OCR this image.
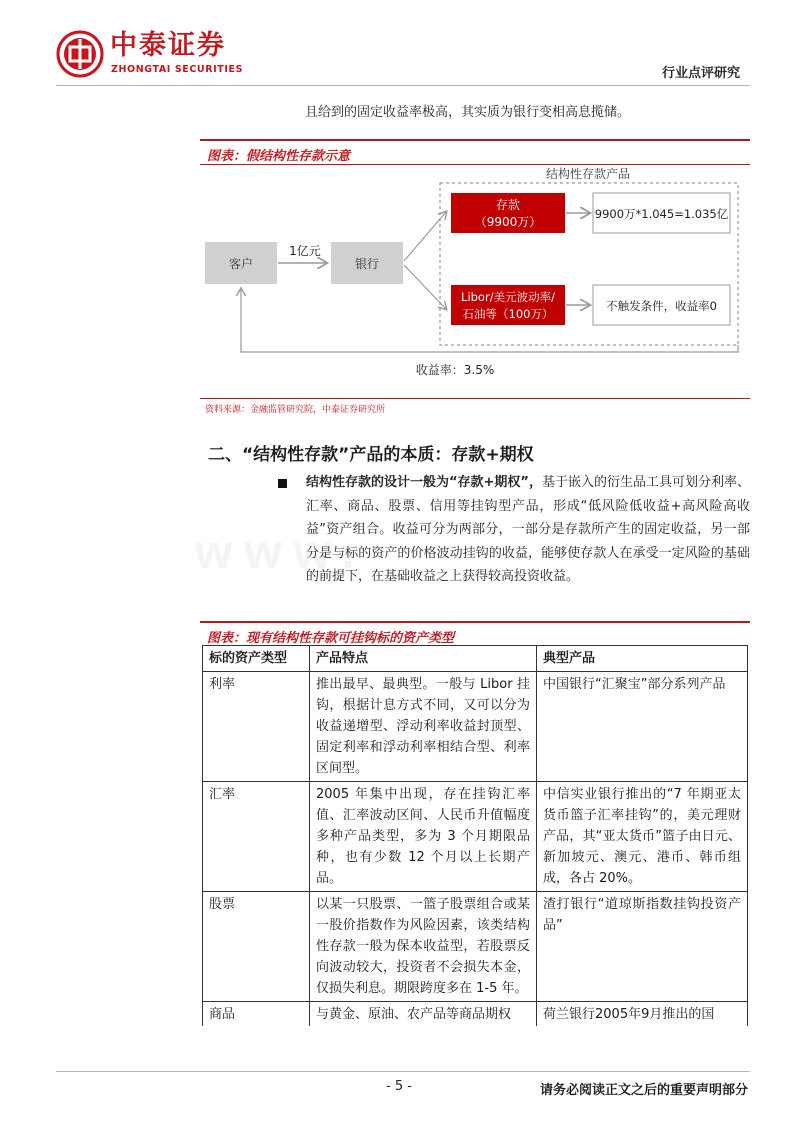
中泰证券
ZHONGTAI SECURITIES	行业点评研究
且给到的固定收益率极高，其实质为银行变相高息揽储。
图表：假结构性存款示意
结构性存款产品
客户
1亿元
银行
存款
（9900万）
9900万*1.045=1.035亿
Libor/美元波动率/
石油等（100万）
不触发条件，收益率0
收益率：3.5%
资料来源：金融监管研究院，中泰证券研究所
二、“结构性存款”产品的本质：存款+期权
结构性存款的设计一般为“存款+期权”，基于嵌入的衍生品工具可划分利率、汇率、商品、股票、信用等挂钩型产品，形成“低风险低收益+高风险高收益”资产组合。收益可分为两部分，一部分是存款所产生的固定收益，另一部分是与标的资产的价格波动挂钩的收益，能够使存款人在承受一定风险的基础的前提下，在基础收益之上获得较高投资收益。
www.
图表：现有结构性存款可挂钩标的资产类型
标的资产类型	产品特点	典型产品
利率	推出最早、最典型。一般与 Libor 挂钩，根据计息方式不同，又可以分为收益递增型、浮动利率收益封顶型、固定利率和浮动利率相结合型、利率区间型。	中国银行“汇聚宝”部分系列产品
汇率	2005 年集中出现，存在挂钩汇率值、汇率波动区间、人民币升值幅度多种产品类型，多为 3 个月期限品种，也有少数 12 个月以上长期产品。	中信实业银行推出的“7 年期亚太货币篮子汇率挂钩”的，美元理财产品，其“亚太货币”篮子由日元、新加坡元、澳元、港币、韩币组成，各占 20%。
股票	以某一只股票、一篮子股票组合或某一股价指数作为风险因素，该类结构性存款一般为保本收益型，若股票反向波动较大，投资者不会损失本金，仅损失利息。期限跨度多在 1-5 年。	渣打银行“道琼斯指数挂钩投资产品”
商品	与黄金、原油、农产品等商品期权	荷兰银行2005年9月推出的国
- 5 -	请务必阅读正文之后的重要声明部分
